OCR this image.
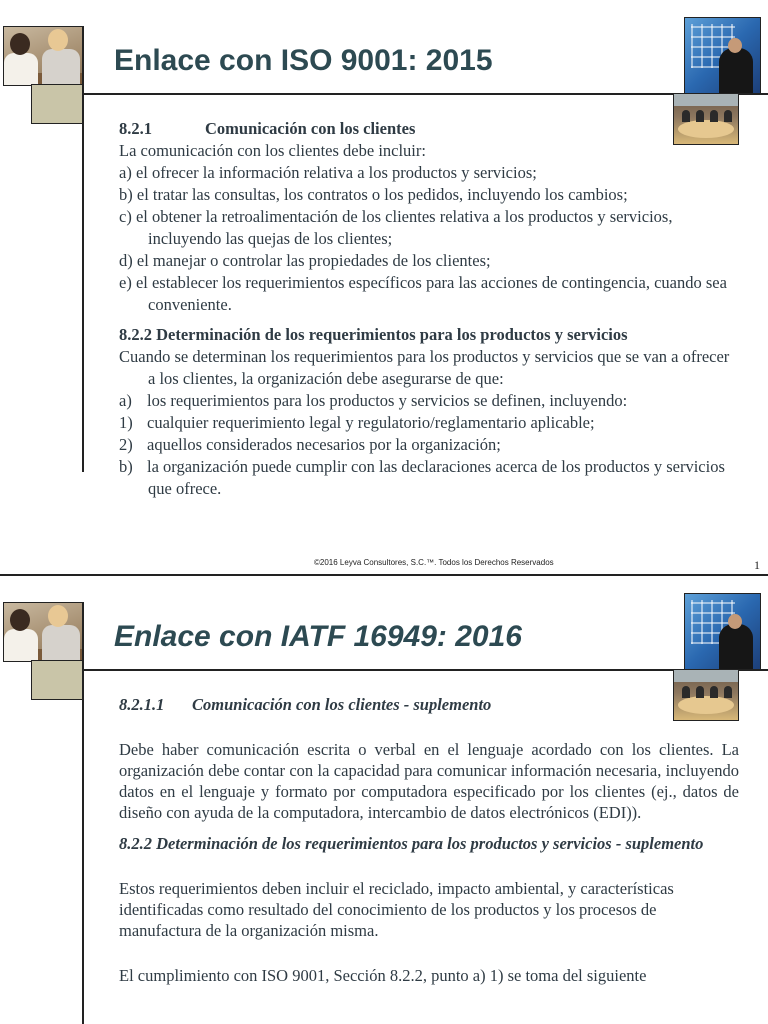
Enlace con ISO 9001: 2015

8.2.1	Comunicación con los clientes

La comunicación con los clientes debe incluir:

a) el ofrecer la información relativa a los productos y servicios;

b) el tratar las consultas, los contratos o los pedidos, incluyendo los cambios;

c) el obtener la retroalimentación de los clientes relativa a los productos y servicios, incluyendo las quejas de los clientes;

d) el manejar o controlar las propiedades de los clientes;

e) el establecer los requerimientos específicos para las acciones de contingencia, cuando sea conveniente.

8.2.2 Determinación de los requerimientos para los productos y servicios

Cuando se determinan los requerimientos para los productos y servicios que se van a ofrecer a los clientes, la organización debe asegurarse de que:

a) los requerimientos para los productos y servicios se definen, incluyendo:

1) cualquier requerimiento legal y regulatorio/reglamentario aplicable;

2) aquellos considerados necesarios por la organización;

b) la organización puede cumplir con las declaraciones acerca de los productos y servicios que ofrece.

©2016 Leyva Consultores, S.C.™. Todos los Derechos Reservados	1
Enlace con IATF 16949: 2016

8.2.1.1 Comunicación con los clientes - suplemento

Debe haber comunicación escrita o verbal en el lenguaje acordado con los clientes. La organización debe contar con la capacidad para comunicar información necesaria, incluyendo datos en el lenguaje y formato por computadora especificado por los clientes (ej., datos de diseño con ayuda de la computadora, intercambio de datos electrónicos (EDI)).

8.2.2 Determinación de los requerimientos para los productos y servicios - suplemento

Estos requerimientos deben incluir el reciclado, impacto ambiental, y características identificadas como resultado del conocimiento de los productos y los procesos de manufactura de la organización misma.

El cumplimiento con ISO 9001, Sección 8.2.2, punto a) 1) se toma del siguiente
